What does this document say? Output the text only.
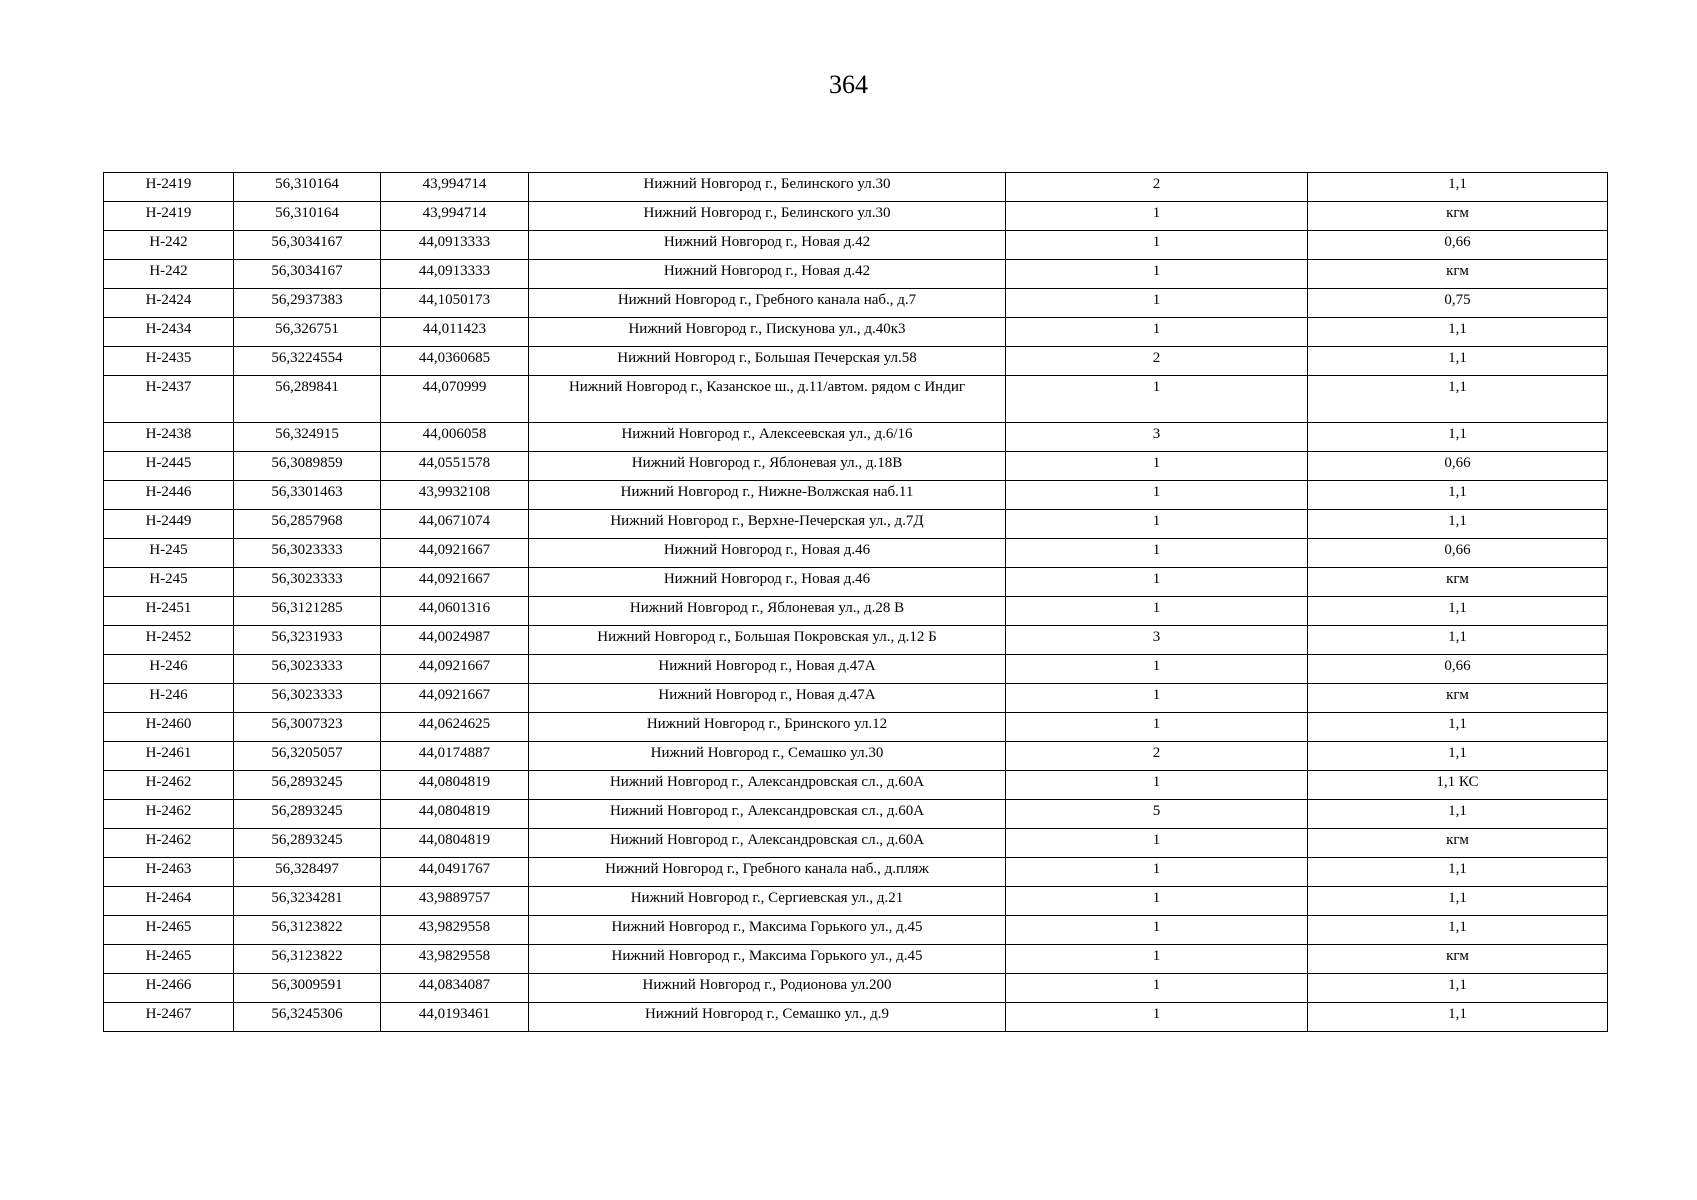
364
Н-2419	56,310164	43,994714	Нижний Новгород г., Белинского ул.30	2	1,1
Н-2419	56,310164	43,994714	Нижний Новгород г., Белинского ул.30	1	кгм
Н-242	56,3034167	44,0913333	Нижний Новгород г., Новая д.42	1	0,66
Н-242	56,3034167	44,0913333	Нижний Новгород г., Новая д.42	1	кгм
Н-2424	56,2937383	44,1050173	Нижний Новгород г., Гребного канала наб., д.7	1	0,75
Н-2434	56,326751	44,011423	Нижний Новгород г., Пискунова ул., д.40к3	1	1,1
Н-2435	56,3224554	44,0360685	Нижний Новгород г., Большая Печерская ул.58	2	1,1
Н-2437	56,289841	44,070999	Нижний Новгород г., Казанское ш., д.11/автом. рядом с Индиг	1	1,1
Н-2438	56,324915	44,006058	Нижний Новгород г., Алексеевская ул., д.6/16	3	1,1
Н-2445	56,3089859	44,0551578	Нижний Новгород г., Яблоневая ул., д.18В	1	0,66
Н-2446	56,3301463	43,9932108	Нижний Новгород г., Нижне-Волжская наб.11	1	1,1
Н-2449	56,2857968	44,0671074	Нижний Новгород г., Верхне-Печерская ул., д.7Д	1	1,1
Н-245	56,3023333	44,0921667	Нижний Новгород г., Новая д.46	1	0,66
Н-245	56,3023333	44,0921667	Нижний Новгород г., Новая д.46	1	кгм
Н-2451	56,3121285	44,0601316	Нижний Новгород г., Яблоневая ул., д.28 В	1	1,1
Н-2452	56,3231933	44,0024987	Нижний Новгород г., Большая Покровская ул., д.12 Б	3	1,1
Н-246	56,3023333	44,0921667	Нижний Новгород г., Новая д.47А	1	0,66
Н-246	56,3023333	44,0921667	Нижний Новгород г., Новая д.47А	1	кгм
Н-2460	56,3007323	44,0624625	Нижний Новгород г., Бринского ул.12	1	1,1
Н-2461	56,3205057	44,0174887	Нижний Новгород г., Семашко ул.30	2	1,1
Н-2462	56,2893245	44,0804819	Нижний Новгород г., Александровская сл., д.60А	1	1,1 КС
Н-2462	56,2893245	44,0804819	Нижний Новгород г., Александровская сл., д.60А	5	1,1
Н-2462	56,2893245	44,0804819	Нижний Новгород г., Александровская сл., д.60А	1	кгм
Н-2463	56,328497	44,0491767	Нижний Новгород г., Гребного канала наб., д.пляж	1	1,1
Н-2464	56,3234281	43,9889757	Нижний Новгород г., Сергиевская ул., д.21	1	1,1
Н-2465	56,3123822	43,9829558	Нижний Новгород г., Максима Горького ул., д.45	1	1,1
Н-2465	56,3123822	43,9829558	Нижний Новгород г., Максима Горького ул., д.45	1	кгм
Н-2466	56,3009591	44,0834087	Нижний Новгород г., Родионова ул.200	1	1,1
Н-2467	56,3245306	44,0193461	Нижний Новгород г., Семашко ул., д.9	1	1,1
